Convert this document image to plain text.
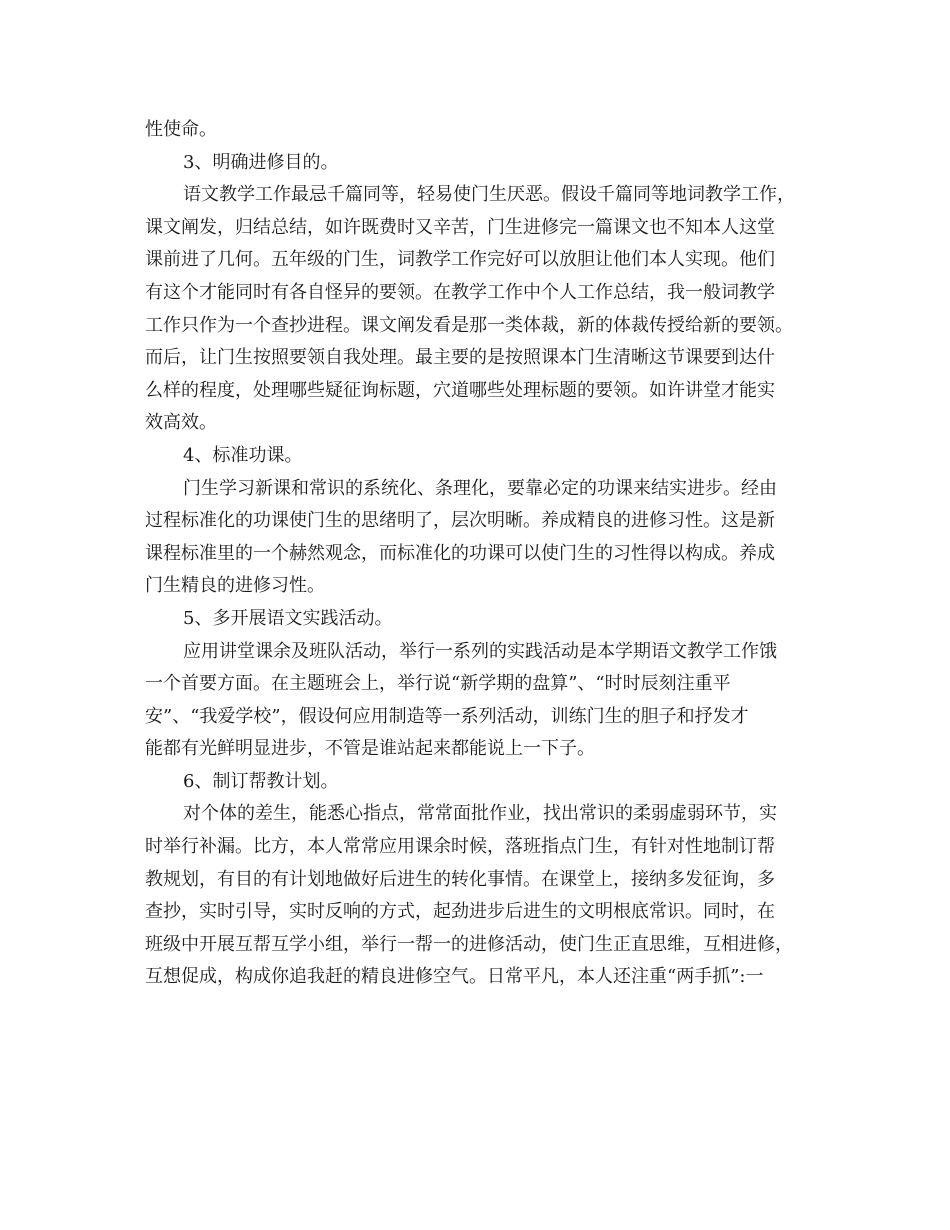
性使命。
3、明确进修目的。
语文教学工作最忌千篇同等，轻易使门生厌恶。假设千篇同等地词教学工作，
课文阐发，归结总结，如许既费时又辛苦，门生进修完一篇课文也不知本人这堂
课前进了几何。五年级的门生，词教学工作完好可以放胆让他们本人实现。他们
有这个才能同时有各自怪异的要领。在教学工作中个人工作总结，我一般词教学
工作只作为一个查抄进程。课文阐发看是那一类体裁，新的体裁传授给新的要领。
而后，让门生按照要领自我处理。最主要的是按照课本门生清晰这节课要到达什
么样的程度，处理哪些疑征询标题，穴道哪些处理标题的要领。如许讲堂才能实
效高效。
4、标准功课。
门生学习新课和常识的系统化、条理化，要靠必定的功课来结实进步。经由
过程标准化的功课使门生的思绪明了，层次明晰。养成精良的进修习性。这是新
课程标准里的一个赫然观念，而标准化的功课可以使门生的习性得以构成。养成
门生精良的进修习性。
5、多开展语文实践活动。
应用讲堂课余及班队活动，举行一系列的实践活动是本学期语文教学工作饿
一个首要方面。在主题班会上，举行说“新学期的盘算”、“时时辰刻注重平
安”、“我爱学校”，假设何应用制造等一系列活动，训练门生的胆子和抒发才
能都有光鲜明显进步，不管是谁站起来都能说上一下子。
6、制订帮教计划。
对个体的差生，能悉心指点，常常面批作业，找出常识的柔弱虚弱环节，实
时举行补漏。比方，本人常常应用课余时候，落班指点门生，有针对性地制订帮
教规划，有目的有计划地做好后进生的转化事情。在课堂上，接纳多发征询，多
查抄，实时引导，实时反响的方式，起劲进步后进生的文明根底常识。同时，在
班级中开展互帮互学小组，举行一帮一的进修活动，使门生正直思维，互相进修，
互想促成，构成你追我赶的精良进修空气。日常平凡，本人还注重“两手抓”:一
